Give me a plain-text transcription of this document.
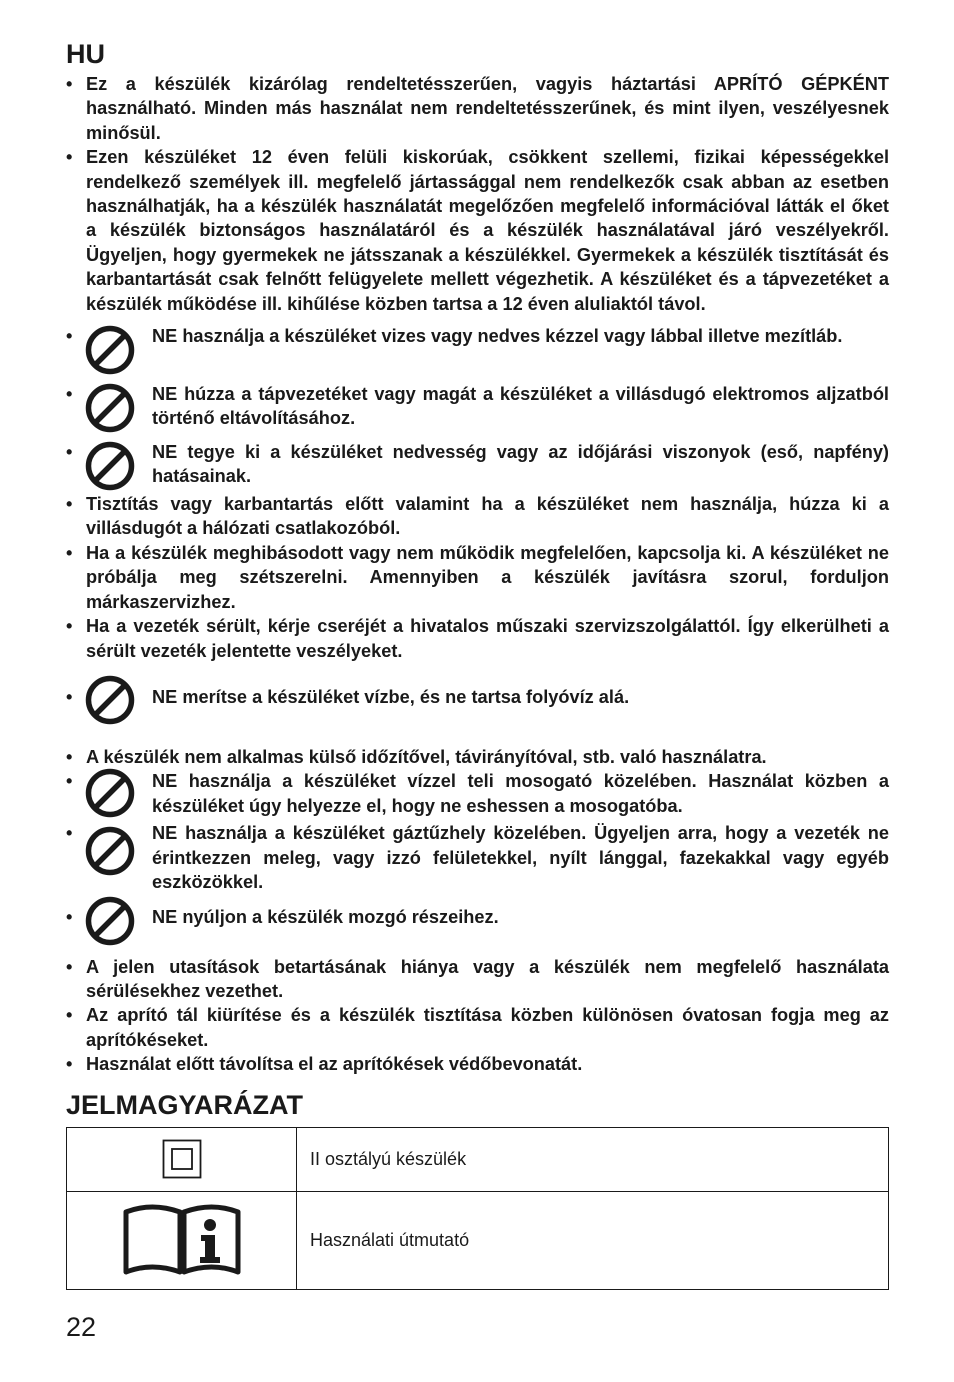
HU
• Ez a készülék kizárólag rendeltetésszerűen, vagyis háztartási APRÍTÓ GÉPKÉNT használható. Minden más használat nem rendeltetésszerűnek, és mint ilyen, veszélyesnek minősül.
• Ezen készüléket 12 éven felüli kiskorúak, csökkent szellemi, fizikai képességekkel rendelkező személyek ill. megfelelő jártassággal nem rendelkezők csak abban az esetben használhatják, ha a készülék használatát megelőzően megfelelő információval látták el őket a készülék biztonságos használatáról és a készülék használatával járó veszélyekről. Ügyeljen, hogy gyermekek ne játsszanak a készülékkel. Gyermekek a készülék tisztítását és karbantartását csak felnőtt felügyelete mellett végezhetik. A készüléket és a tápvezetéket a készülék működése ill. kihűlése közben tartsa a 12 éven aluliaktól távol.
•	NE használja a készüléket vizes vagy nedves kézzel vagy lábbal illetve mezítláb.
•	NE húzza a tápvezetéket vagy magát a készüléket a villásdugó elektromos aljzatból történő eltávolításához.
•	NE tegye ki a készüléket nedvesség vagy az időjárási viszonyok (eső, napfény) hatásainak.
• Tisztítás vagy karbantartás előtt valamint ha a készüléket nem használja, húzza ki a villásdugót a hálózati csatlakozóból.
• Ha a készülék meghibásodott vagy nem működik megfelelően, kapcsolja ki. A készüléket ne próbálja meg szétszerelni. Amennyiben a készülék javításra szorul, forduljon márkaszervizhez.
• Ha a vezeték sérült, kérje cseréjét a hivatalos műszaki szervizszolgálattól. Így elkerülheti a sérült vezeték jelentette veszélyeket.
•	NE merítse a készüléket vízbe, és ne tartsa folyóvíz alá.
• A készülék nem alkalmas külső időzítővel, távirányítóval, stb. való használatra.
•	NE használja a készüléket vízzel teli mosogató közelében. Használat közben a készüléket úgy helyezze el, hogy ne eshessen a mosogatóba.
•	NE használja a készüléket gáztűzhely közelében. Ügyeljen arra, hogy a vezeték ne érintkezzen meleg, vagy izzó felületekkel, nyílt lánggal, fazekakkal vagy egyéb eszközökkel.
•	NE nyúljon a készülék mozgó részeihez.
• A jelen utasítások betartásának hiánya vagy a készülék nem megfelelő használata sérülésekhez vezethet.
• Az aprító tál kiürítése és a készülék tisztítása közben különösen óvatosan fogja meg az aprítókéseket.
• Használat előtt távolítsa el az aprítókések védőbevonatát.
JELMAGYARÁZAT
	II osztályú készülék

	Használati útmutató
22
